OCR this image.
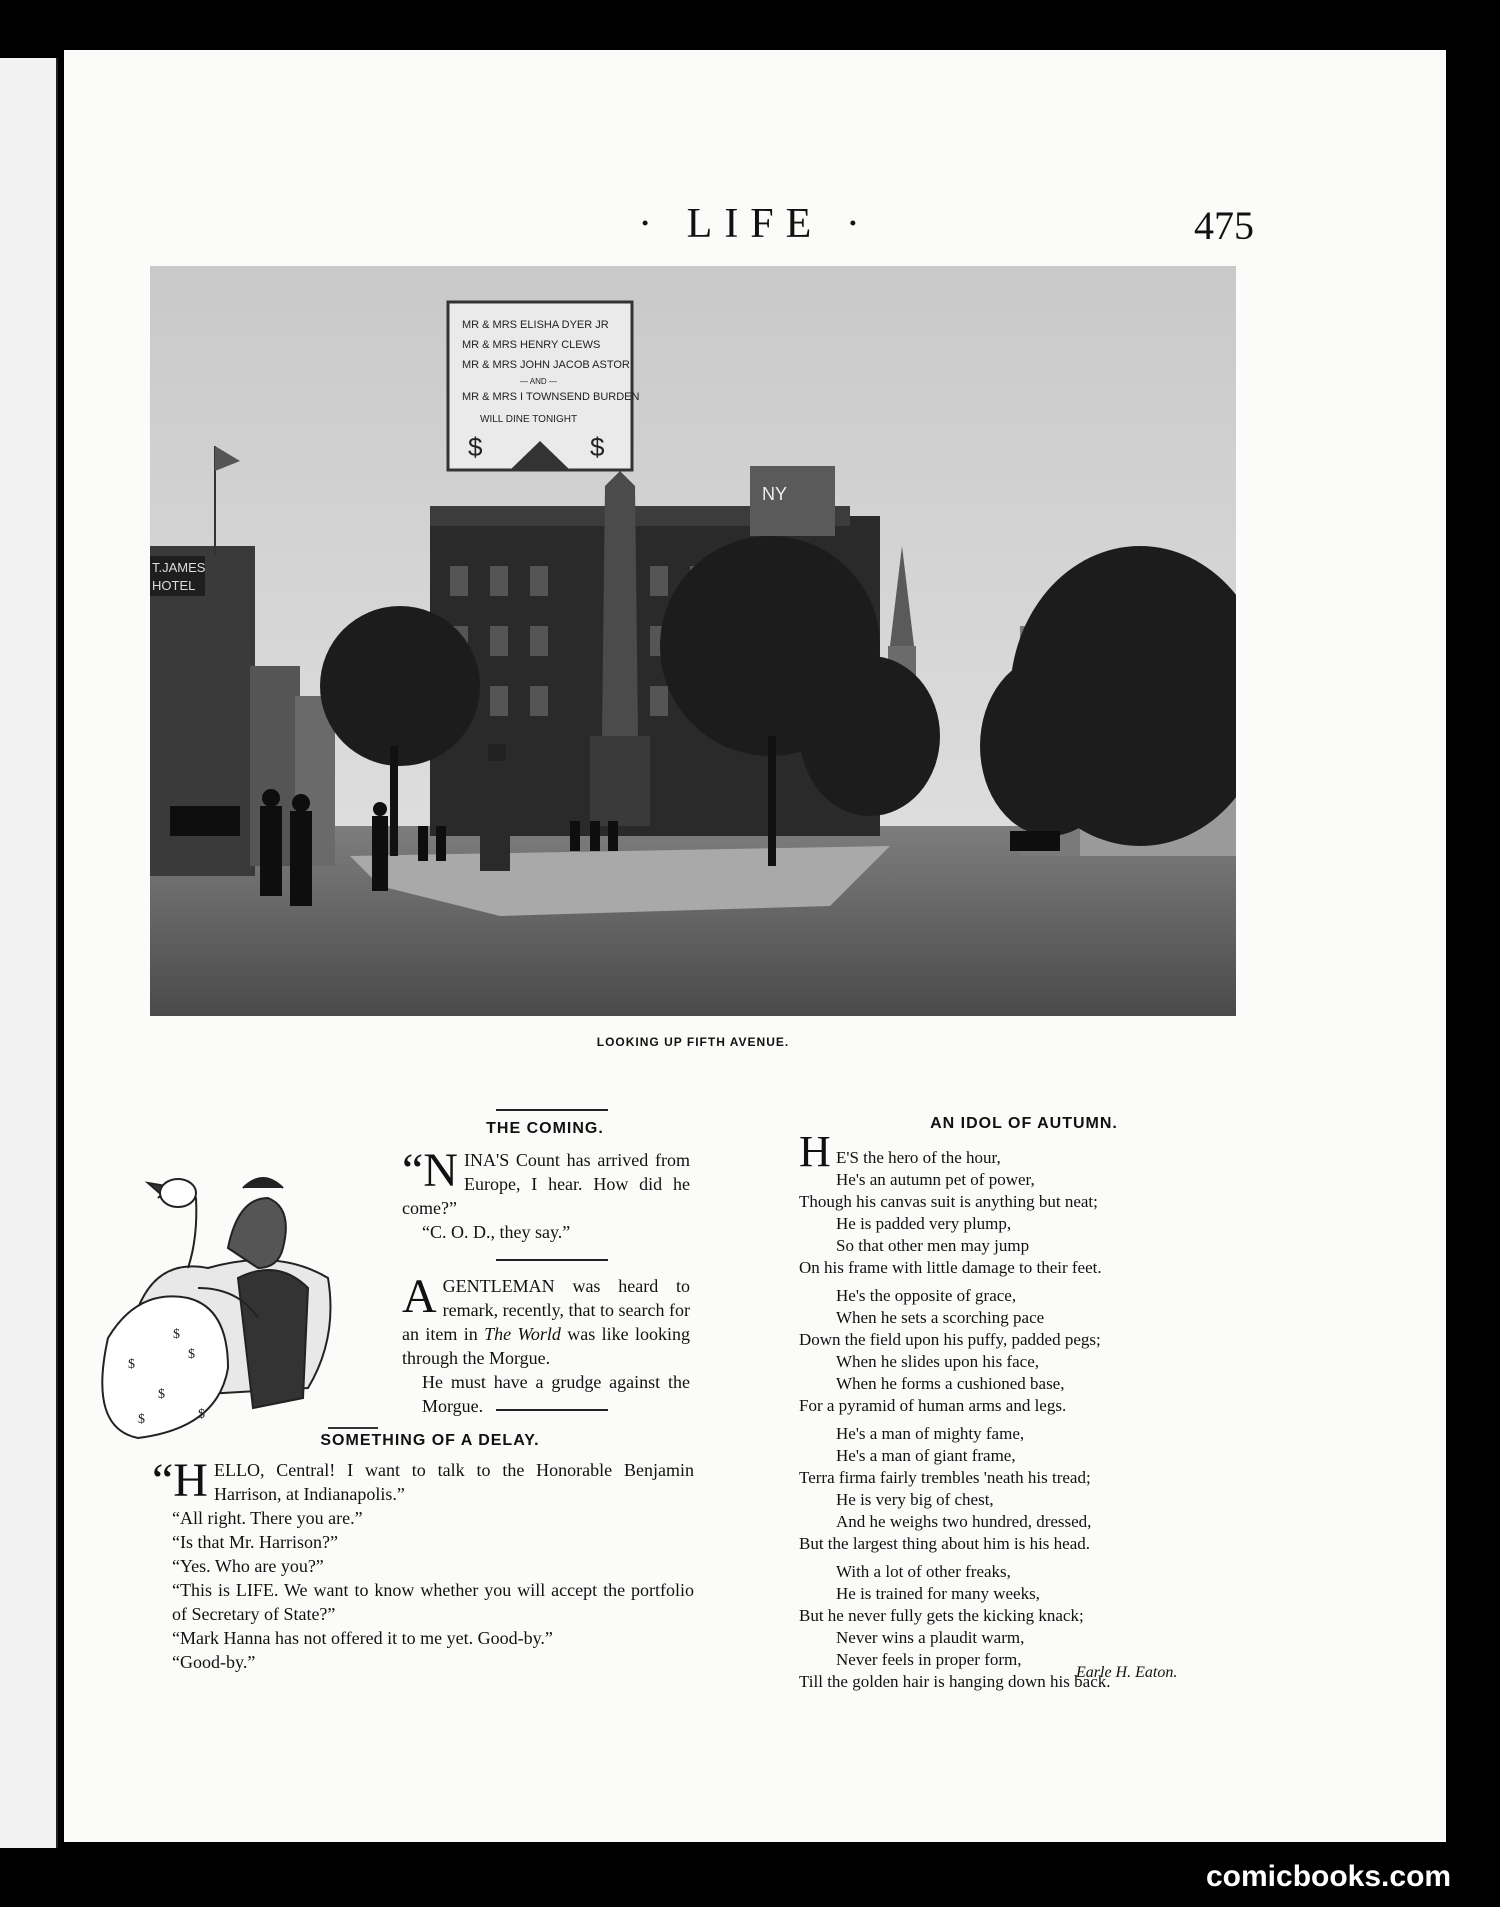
· LIFE ·	475
T.JAMES
HOTEL
NY
MR & MRS ELISHA DYER JR
MR & MRS HENRY CLEWS
MR & MRS JOHN JACOB ASTOR
— AND —
MR & MRS I TOWNSEND BURDEN
WILL DINE TONIGHT
$	$
LOOKING UP FIFTH AVENUE.
THE COMING.
$
$
$
$	$
$

“NINA'S Count has arrived from Europe, I hear. How did he come?”

“C. O. D., they say.”

AGENTLEMAN was heard to remark, recently, that to search for an item in The World was like looking through the Morgue.

He must have a grudge against the Morgue.

SOMETHING OF A DELAY.

“HELLO, Central! I want to talk to the Honorable Benjamin Harrison, at Indianapolis.”

“All right. There you are.”

“Is that Mr. Harrison?”

“Yes. Who are you?”

“This is LIFE. We want to know whether you will accept the portfolio of Secretary of State?”

“Mark Hanna has not offered it to me yet. Good-by.”

“Good-by.”

AN IDOL OF AUTUMN.

H E'S the hero of the hour,

He's an autumn pet of power,

Though his canvas suit is anything but neat;

He is padded very plump,

So that other men may jump

On his frame with little damage to their feet.

He's the opposite of grace,

When he sets a scorching pace

Down the field upon his puffy, padded pegs;

When he slides upon his face,

When he forms a cushioned base,

For a pyramid of human arms and legs.

He's a man of mighty fame,

He's a man of giant frame,

Terra firma fairly trembles 'neath his tread;

He is very big of chest,

And he weighs two hundred, dressed,

But the largest thing about him is his head.

With a lot of other freaks,

He is trained for many weeks,

But he never fully gets the kicking knack;

Never wins a plaudit warm,

Never feels in proper form,

Till the golden hair is hanging down his back.

Earle H. Eaton.
comicbooks.com
